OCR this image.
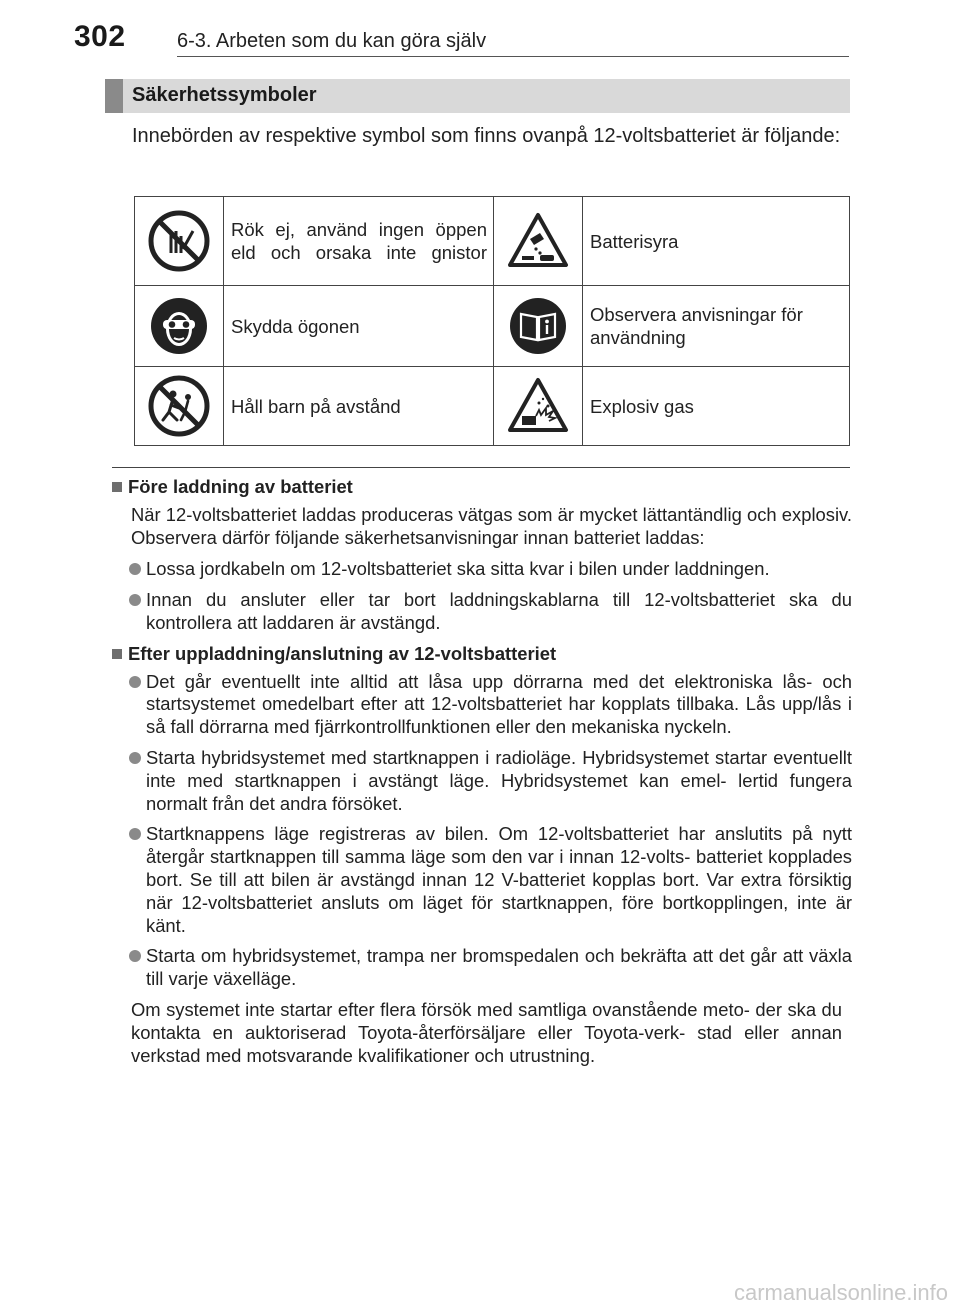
302	6-3. Arbeten som du kan göra själv
Säkerhetssymboler

Innebörden av respektive symbol som finns ovanpå 12-voltsbatteriet är följande:

	Rök ej, använd ingen öppen eld och orsaka inte gnistor		Batterisyra

	Skydda ögonen		Observera anvisningar för användning

	Håll barn på avstånd		Explosiv gas
Före laddning av batteriet

När 12-voltsbatteriet laddas produceras vätgas som är mycket lättantändlig och explosiv. Observera därför följande säkerhetsanvisningar innan batteriet laddas:

Lossa jordkabeln om 12-voltsbatteriet ska sitta kvar i bilen under laddningen.

Innan du ansluter eller tar bort laddningskablarna till 12-voltsbatteriet ska du kontrollera att laddaren är avstängd.

Efter uppladdning/anslutning av 12-voltsbatteriet

Det går eventuellt inte alltid att låsa upp dörrarna med det elektroniska lås- och startsystemet omedelbart efter att 12-voltsbatteriet har kopplats tillbaka. Lås upp/lås i så fall dörrarna med fjärrkontrollfunktionen eller den mekaniska nyckeln.

Starta hybridsystemet med startknappen i radioläge. Hybridsystemet startar eventuellt inte med startknappen i avstängt läge. Hybridsystemet kan emel- lertid fungera normalt från det andra försöket.

Startknappens läge registreras av bilen. Om 12-voltsbatteriet har anslutits på nytt återgår startknappen till samma läge som den var i innan 12-volts- batteriet kopplades bort. Se till att bilen är avstängd innan 12 V-batteriet kopplas bort. Var extra försiktig när 12-voltsbatteriet ansluts om läget för startknappen, före bortkopplingen, inte är känt.

Starta om hybridsystemet, trampa ner bromspedalen och bekräfta att det går att växla till varje växelläge.

Om systemet inte startar efter flera försök med samtliga ovanstående meto- der ska du kontakta en auktoriserad Toyota-återförsäljare eller Toyota-verk- stad eller annan verkstad med motsvarande kvalifikationer och utrustning.

carmanualsonline.info
